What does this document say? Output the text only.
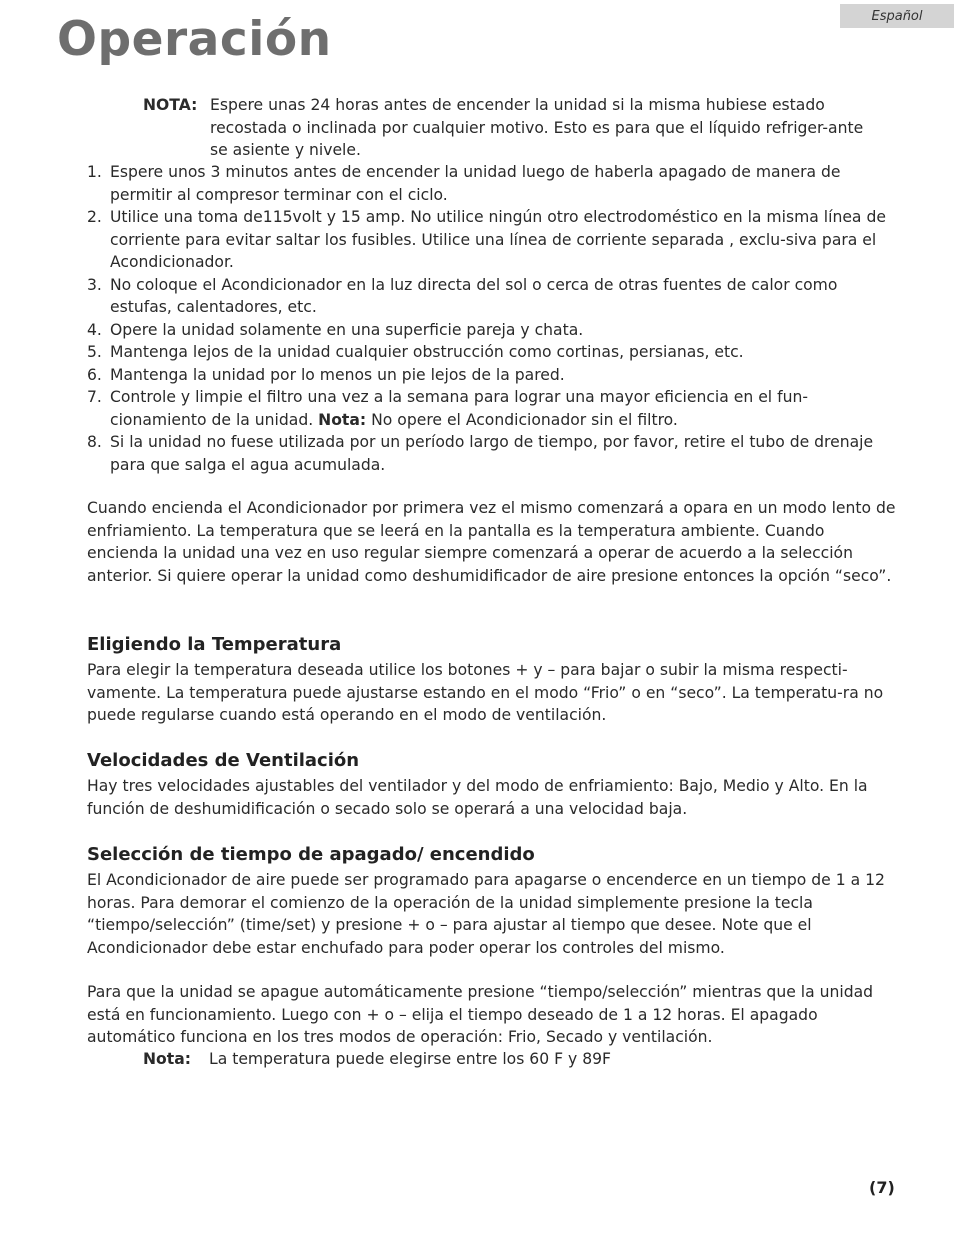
Español
Operación
NOTA: Espere unas 24 horas antes de encender la unidad si la misma hubiese estado recostada o inclinada por cualquier motivo. Esto es para que el líquido refriger-ante se asiente y nivele.
1. Espere unos 3 minutos antes de encender la unidad luego de haberla apagado de manera de permitir al compresor terminar con el ciclo.
2. Utilice una toma de115volt y 15 amp. No utilice ningún otro electrodoméstico en la misma línea de corriente para evitar saltar los fusibles. Utilice una línea de corriente separada , exclu-siva para el Acondicionador.
3. No coloque el Acondicionador en la luz directa del sol o cerca de otras fuentes de calor como estufas, calentadores, etc.
4. Opere la unidad solamente en una superficie pareja y chata.
5. Mantenga lejos de la unidad cualquier obstrucción como cortinas, persianas, etc.
6. Mantenga la unidad por lo menos un pie lejos de la pared.
7. Controle y limpie el filtro una vez a la semana para lograr una mayor eficiencia en el fun-cionamiento de la unidad. Nota: No opere el Acondicionador sin el filtro.
8. Si la unidad no fuese utilizada por un período largo de tiempo, por favor, retire el tubo de drenaje para que salga el agua acumulada.

Cuando encienda el Acondicionador por primera vez el mismo comenzará a opara en un modo lento de enfriamiento. La temperatura que se leerá en la pantalla es la temperatura ambiente. Cuando encienda la unidad una vez en uso regular siempre comenzará a operar de acuerdo a la selección anterior. Si quiere operar la unidad como deshumidificador de aire presione entonces la opción “seco”.

Eligiendo la Temperatura

Para elegir la temperatura deseada utilice los botones + y – para bajar o subir la misma respecti-vamente. La temperatura puede ajustarse estando en el modo “Frio” o en “seco”. La temperatu-ra no puede regularse cuando está operando en el modo de ventilación.

Velocidades de Ventilación

Hay tres velocidades ajustables del ventilador y del modo de enfriamiento: Bajo, Medio y Alto. En la función de deshumidificación o secado solo se operará a una velocidad baja.

Selección de tiempo de apagado/ encendido

El Acondicionador de aire puede ser programado para apagarse o encenderce en un tiempo de 1 a 12 horas. Para demorar el comienzo de la operación de la unidad simplemente presione la tecla “tiempo/selección” (time/set) y presione + o – para ajustar al tiempo que desee. Note que el Acondicionador debe estar enchufado para poder operar los controles del mismo.

Para que la unidad se apague automáticamente presione “tiempo/selección” mientras que la unidad está en funcionamiento. Luego con + o – elija el tiempo deseado de 1 a 12 horas. El apagado automático funciona en los tres modos de operación: Frio, Secado y ventilación.

Nota:	La temperatura puede elegirse entre los 60 F y 89F
(7)
